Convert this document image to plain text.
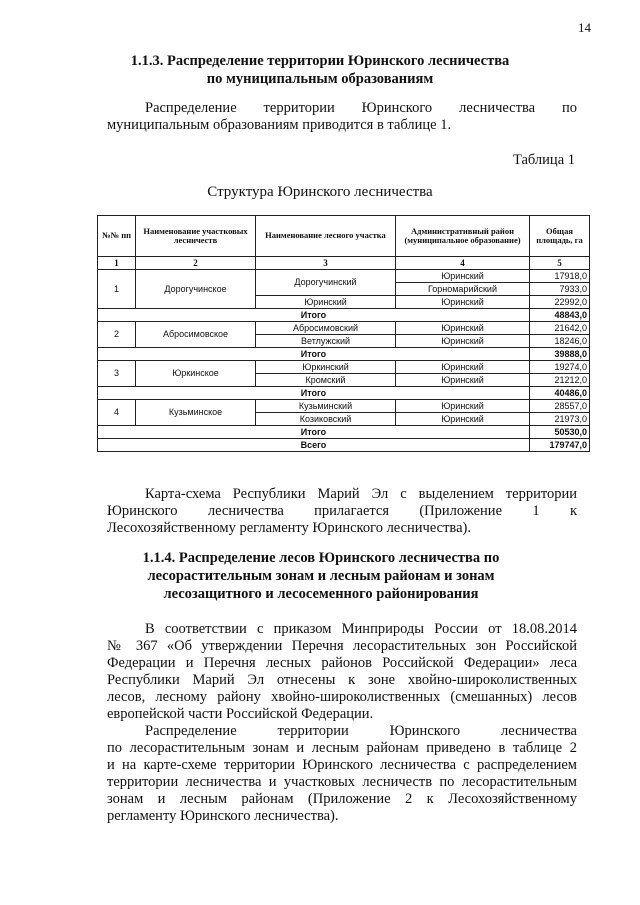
14
1.1.3. Распределение территории Юринского лесничества
по муниципальным образованиям
Распределение территории Юринского лесничества по
муниципальным образованиям приводится в таблице 1.
Таблица 1
Структура Юринского лесничества
№№ пп	Наименование участковых лесничеств	Наименование лесного участка	Административный район (муниципальное образование)	Общая площадь, га
1	2	3	4	5
1	Дорогучинское	Дорогучинский	Юринский	17918,0
			Горномарийский	7933,0
		Юринский	Юринский	22992,0
Итого				48843,0
2	Абросимовское	Абросимовский	Юринский	21642,0
		Ветлужский	Юринский	18246,0
Итого				39888,0
3	Юркинское	Юркинский	Юринский	19274,0
		Кромский	Юринский	21212,0
Итого				40486,0
4	Кузьминское	Кузьминский	Юринский	28557,0
		Козиковский	Юринский	21973,0
Итого				50530,0
Всего				179747,0
Карта-схема Республики Марий Эл с выделением территории
Юринского лесничества прилагается (Приложение 1 к
Лесохозяйственному регламенту Юринского лесничества).
1.1.4. Распределение лесов Юринского лесничества по
лесорастительным зонам и лесным районам и зонам
лесозащитного и лесосеменного районирования
В соответствии с приказом Минприроды России от 18.08.2014
№ 367 «Об утверждении Перечня лесорастительных зон Российской
Федерации и Перечня лесных районов Российской Федерации» леса
Республики Марий Эл отнесены к зоне хвойно-широколиственных
лесов, лесному району хвойно-широколиственных (смешанных) лесов
европейской части Российской Федерации.
Распределение территории Юринского лесничества
по лесорастительным зонам и лесным районам приведено в таблице 2
и на карте-схеме территории Юринского лесничества с распределением
территории лесничества и участковых лесничеств по лесорастительным
зонам и лесным районам (Приложение 2 к Лесохозяйственному
регламенту Юринского лесничества).
